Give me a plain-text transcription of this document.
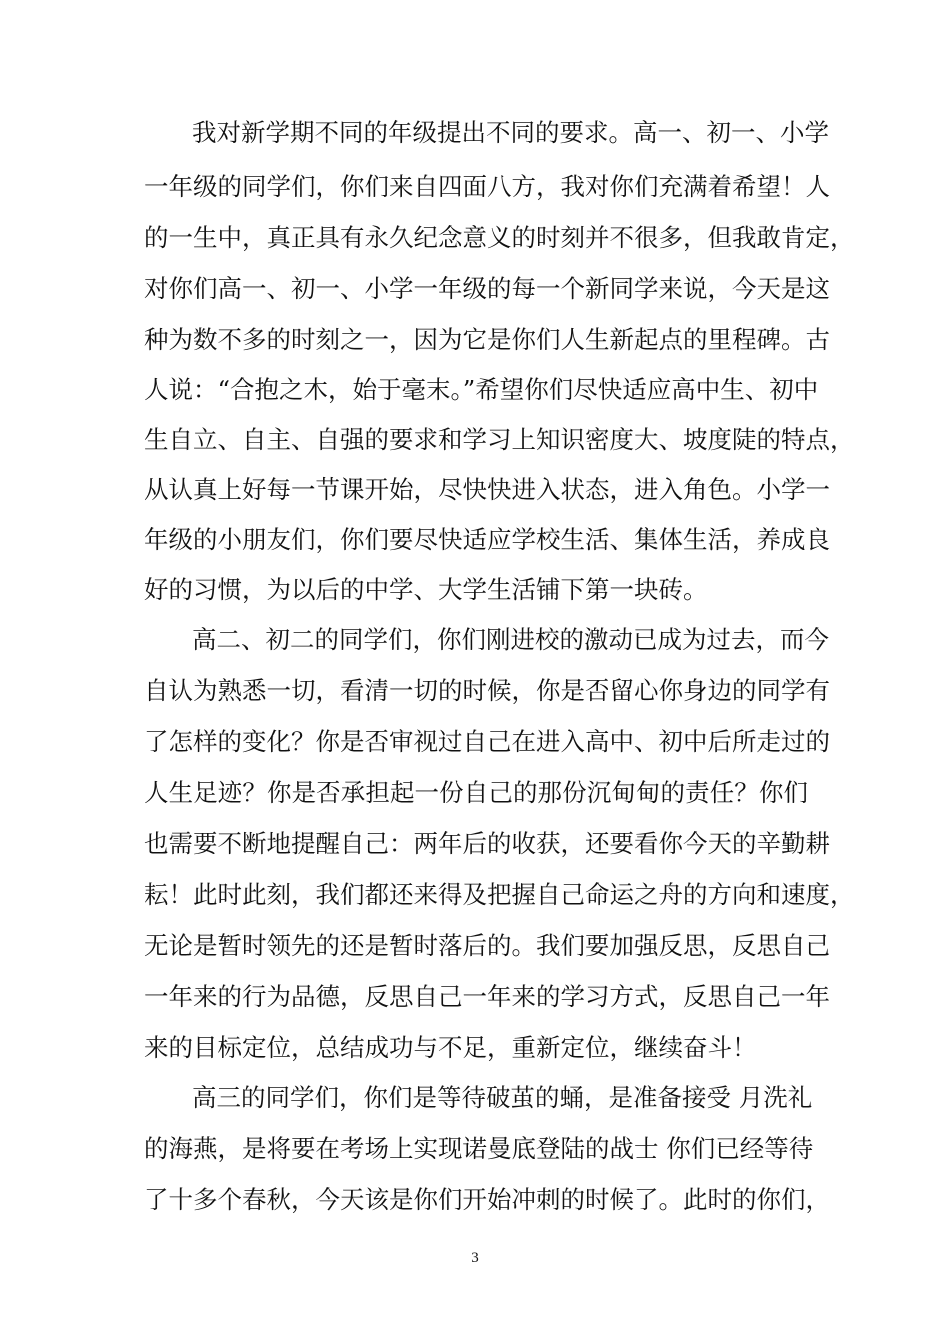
我对新学期不同的年级提出不同的要求。高一、初一、小学

一年级的同学们，你们来自四面八方，我对你们充满着希望！人

的一生中，真正具有永久纪念意义的时刻并不很多，但我敢肯定，

对你们高一、初一、小学一年级的每一个新同学来说，今天是这

种为数不多的时刻之一，因为它是你们人生新起点的里程碑。古

人说：“合抱之木，始于毫末。”希望你们尽快适应高中生、初中

生自立、自主、自强的要求和学习上知识密度大、坡度陡的特点，

从认真上好每一节课开始，尽快快进入状态，进入角色。小学一

年级的小朋友们，你们要尽快适应学校生活、集体生活，养成良

好的习惯，为以后的中学、大学生活铺下第一块砖。

高二、初二的同学们，你们刚进校的激动已成为过去，而今

自认为熟悉一切，看清一切的时候，你是否留心你身边的同学有

了怎样的变化？你是否审视过自己在进入高中、初中后所走过的

人生足迹？你是否承担起一份自己的那份沉甸甸的责任？你们

也需要不断地提醒自己：两年后的收获，还要看你今天的辛勤耕

耘！此时此刻，我们都还来得及把握自己命运之舟的方向和速度，

无论是暂时领先的还是暂时落后的。我们要加强反思，反思自己

一年来的行为品德，反思自己一年来的学习方式，反思自己一年

来的目标定位，总结成功与不足，重新定位，继续奋斗！

高三的同学们，你们是等待破茧的蛹，是准备接受 月洗礼

的海燕，是将要在考场上实现诺曼底登陆的战士 你们已经等待

了十多个春秋，今天该是你们开始冲刺的时候了。此时的你们，

3
